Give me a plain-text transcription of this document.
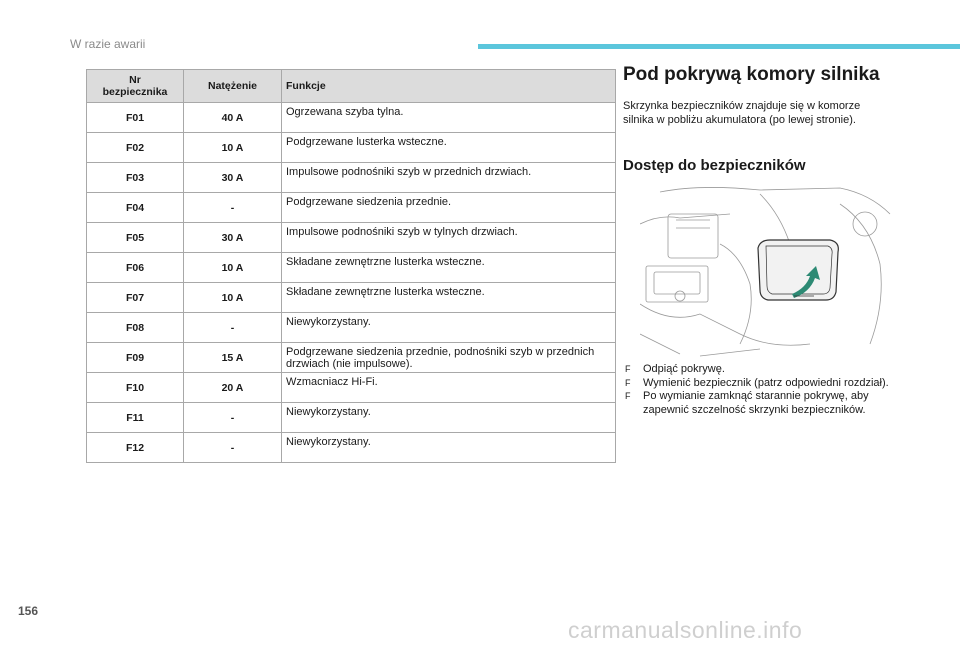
W razie awarii
Nr
bezpiecznika	Natężenie	Funkcje
F01	40 A	Ogrzewana szyba tylna.
F02	10 A	Podgrzewane lusterka wsteczne.
F03	30 A	Impulsowe podnośniki szyb w przednich drzwiach.
F04	-	Podgrzewane siedzenia przednie.
F05	30 A	Impulsowe podnośniki szyb w tylnych drzwiach.
F06	10 A	Składane zewnętrzne lusterka wsteczne.
F07	10 A	Składane zewnętrzne lusterka wsteczne.
F08	-	Niewykorzystany.
F09	15 A	Podgrzewane siedzenia przednie, podnośniki szyb w przednich drzwiach (nie impulsowe).
F10	20 A	Wzmacniacz Hi-Fi.
F11	-	Niewykorzystany.
F12	-	Niewykorzystany.
Pod pokrywą komory silnika

Skrzynka bezpieczników znajduje się w komorze silnika w pobliżu akumulatora (po lewej stronie).

Dostęp do bezpieczników
F Odpiąć pokrywę.
F Wymienić bezpiecznik (patrz odpowiedni rozdział).
F Po wymianie zamknąć starannie pokrywę, aby zapewnić szczelność skrzynki bezpieczników.
156
carmanualsonline.info
